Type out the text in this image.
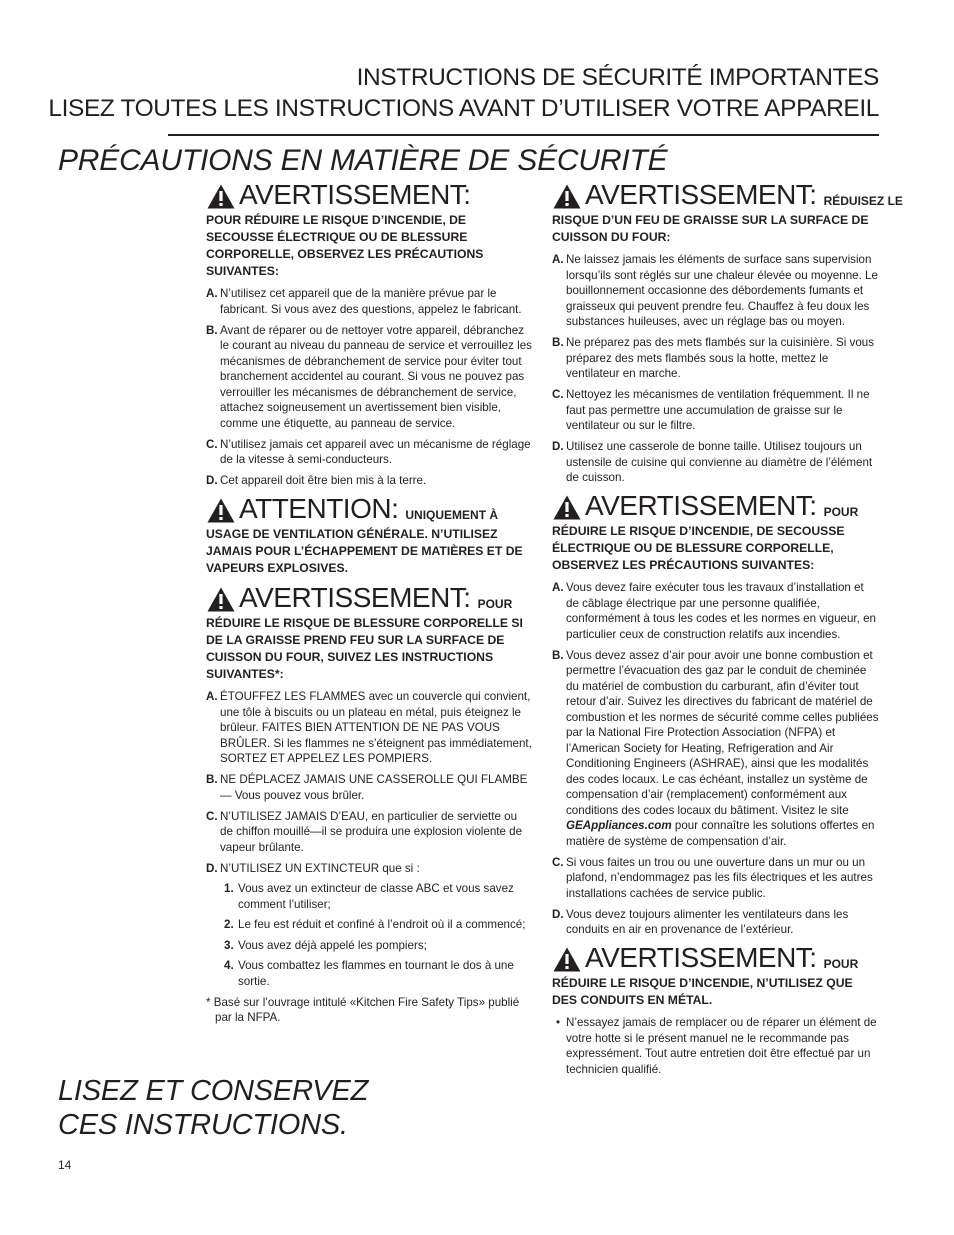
INSTRUCTIONS DE SÉCURITÉ IMPORTANTES
LISEZ TOUTES LES INSTRUCTIONS AVANT D’UTILISER VOTRE APPAREIL
PRÉCAUTIONS EN MATIÈRE DE SÉCURITÉ
AVERTISSEMENT:
POUR RÉDUIRE LE RISQUE D’INCENDIE, DE SECOUSSE ÉLECTRIQUE OU DE BLESSURE CORPORELLE, OBSERVEZ LES PRÉCAUTIONS SUIVANTES:
A. N’utilisez cet appareil que de la manière prévue par le fabricant. Si vous avez des questions, appelez le fabricant.
B. Avant de réparer ou de nettoyer votre appareil, débranchez le courant au niveau du panneau de service et verrouillez les mécanismes de débranchement de service pour éviter tout branchement accidentel au courant. Si vous ne pouvez pas verrouiller les mécanismes de débranchement de service, attachez soigneusement un avertissement bien visible, comme une étiquette, au panneau de service.
C. N’utilisez jamais cet appareil avec un mécanisme de réglage de la vitesse à semi-conducteurs.
D. Cet appareil doit être bien mis à la terre.
ATTENTION: UNIQUEMENT À
USAGE DE VENTILATION GÉNÉRALE. N’UTILISEZ JAMAIS POUR L’ÉCHAPPEMENT DE MATIÈRES ET DE VAPEURS EXPLOSIVES.
AVERTISSEMENT: POUR
RÉDUIRE LE RISQUE DE BLESSURE CORPORELLE SI DE LA GRAISSE PREND FEU SUR LA SURFACE DE CUISSON DU FOUR, SUIVEZ LES INSTRUCTIONS SUIVANTES*:
A. ÉTOUFFEZ LES FLAMMES avec un couvercle qui convient, une tôle à biscuits ou un plateau en métal, puis éteignez le brûleur. FAITES BIEN ATTENTION DE NE PAS VOUS BRÛLER. Si les flammes ne s’éteignent pas immédiatement, SORTEZ ET APPELEZ LES POMPIERS.
B. NE DÉPLACEZ JAMAIS UNE CASSEROLLE QUI FLAMBE— Vous pouvez vous brûler.
C. N’UTILISEZ JAMAIS D’EAU, en particulier de serviette ou de chiffon mouillé—il se produira une explosion violente de vapeur brûlante.
D. N’UTILISEZ UN EXTINCTEUR que si :
1. Vous avez un extincteur de classe ABC et vous savez comment l’utiliser;
2. Le feu est réduit et confiné à l’endroit où il a commencé;
3. Vous avez déjà appelé les pompiers;
4. Vous combattez les flammes en tournant le dos à une sortie.
* Basé sur l’ouvrage intitulé «Kitchen Fire Safety Tips» publié par la NFPA.
AVERTISSEMENT: RÉDUISEZ LE
RISQUE D’UN FEU DE GRAISSE SUR LA SURFACE DE CUISSON DU FOUR:
A. Ne laissez jamais les éléments de surface sans supervision lorsqu’ils sont réglés sur une chaleur élevée ou moyenne. Le bouillonnement occasionne des débordements fumants et graisseux qui peuvent prendre feu. Chauffez à feu doux les substances huileuses, avec un réglage bas ou moyen.
B. Ne préparez pas des mets flambés sur la cuisinière. Si vous préparez des mets flambés sous la hotte, mettez le ventilateur en marche.
C. Nettoyez les mécanismes de ventilation fréquemment. Il ne faut pas permettre une accumulation de graisse sur le ventilateur ou sur le filtre.
D. Utilisez une casserole de bonne taille. Utilisez toujours un ustensile de cuisine qui convienne au diamètre de l’élément de cuisson.
AVERTISSEMENT: POUR
RÉDUIRE LE RISQUE D’INCENDIE, DE SECOUSSE ÉLECTRIQUE OU DE BLESSURE CORPORELLE, OBSERVEZ LES PRÉCAUTIONS SUIVANTES:
A. Vous devez faire exécuter tous les travaux d’installation et de câblage électrique par une personne qualifiée, conformément à tous les codes et les normes en vigueur, en particulier ceux de construction relatifs aux incendies.
B. Vous devez assez d’air pour avoir une bonne combustion et permettre l’évacuation des gaz par le conduit de cheminée du matériel de combustion du carburant, afin d’éviter tout retour d’air. Suivez les directives du fabricant de matériel de combustion et les normes de sécurité comme celles publiées par la National Fire Protection Association (NFPA) et l’American Society for Heating, Refrigeration and Air Conditioning Engineers (ASHRAE), ainsi que les modalités des codes locaux. Le cas échéant, installez un système de compensation d’air (remplacement) conformément aux conditions des codes locaux du bâtiment. Visitez le site GEAppliances.com pour connaître les solutions offertes en matière de système de compensation d’air.
C. Si vous faites un trou ou une ouverture dans un mur ou un plafond, n’endommagez pas les fils électriques et les autres installations cachées de service public.
D. Vous devez toujours alimenter les ventilateurs dans les conduits en air en provenance de l’extérieur.
AVERTISSEMENT: POUR
RÉDUIRE LE RISQUE D’INCENDIE, N’UTILISEZ QUE DES CONDUITS EN MÉTAL.
• N’essayez jamais de remplacer ou de réparer un élément de votre hotte si le présent manuel ne le recommande pas expressément. Tout autre entretien doit être effectué par un technicien qualifié.
LISEZ ET CONSERVEZ
CES INSTRUCTIONS.
14
